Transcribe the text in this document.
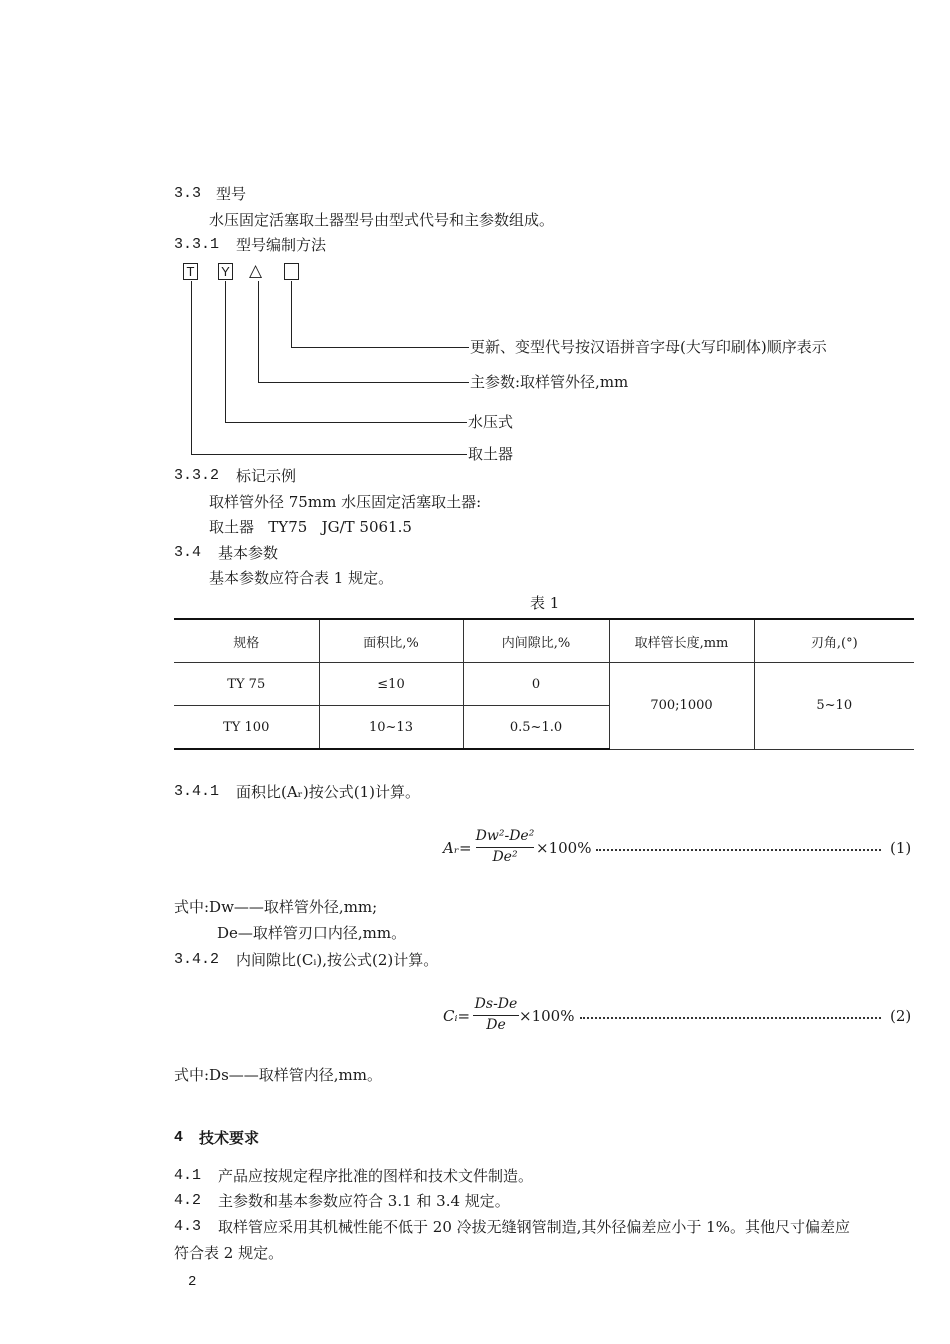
3.3 型号
水压固定活塞取土器型号由型式代号和主参数组成。
3.3.1 型号编制方法
T Y △
更新、变型代号按汉语拼音字母(大写印刷体)顺序表示
主参数:取样管外径,mm
水压式
取土器
3.3.2 标记示例
取样管外径 75mm 水压固定活塞取土器:
取土器   TY75   JG/T 5061.5
3.4 基本参数
基本参数应符合表 1 规定。
表 1
规格	面积比,%	内间隙比,%	取样管长度,mm	刃角,(°)
TY 75	≤10	0	700;1000	5~10
TY 100	10~13	0.5~1.0		
3.4.1 面积比(Aᵣ)按公式(1)计算。
Aᵣ=
Dw²-De²
De²	×100%	(1)
式中:Dw——取样管外径,mm;
De—取样管刃口内径,mm。
3.4.2 内间隙比(Cᵢ),按公式(2)计算。
Cᵢ=
Ds-De
De ×100%	(2)
式中:Ds——取样管内径,mm。
4 技术要求
4.1 产品应按规定程序批准的图样和技术文件制造。
4.2 主参数和基本参数应符合 3.1 和 3.4 规定。
4.3 取样管应采用其机械性能不低于 20 冷拔无缝钢管制造,其外径偏差应小于 1%。其他尺寸偏差应
符合表 2 规定。
2
